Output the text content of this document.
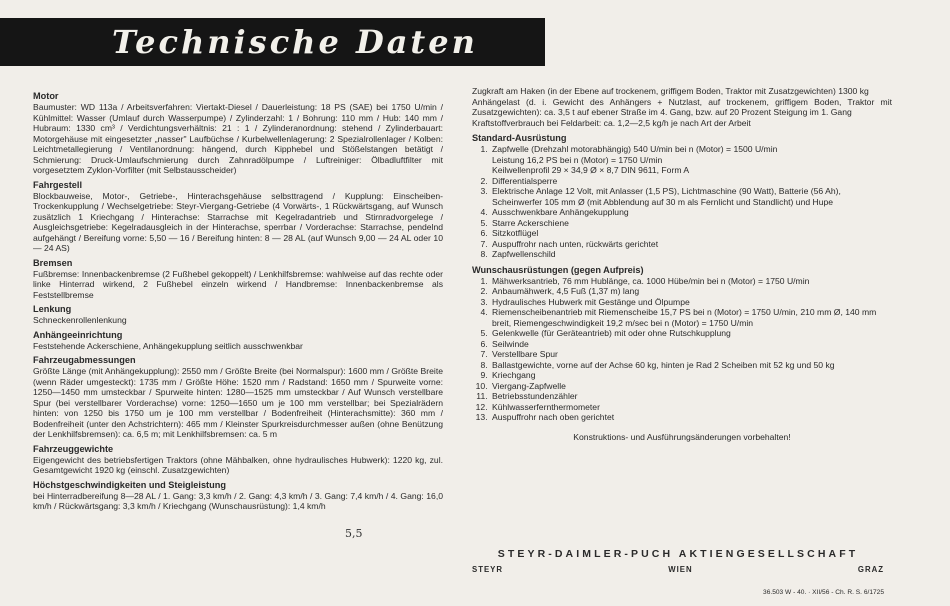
Technische Daten
Motor

Baumuster: WD 113a / Arbeitsverfahren: Viertakt-Diesel / Dauerleistung: 18 PS (SAE) bei 1750 U/min / Kühlmittel: Wasser (Umlauf durch Wasserpumpe) / Zylinderzahl: 1 / Bohrung: 110 mm / Hub: 140 mm / Hubraum: 1330 cm³ / Verdichtungsverhältnis: 21 : 1 / Zylinderanordnung: stehend / Zylinderbauart: Motorgehäuse mit eingesetzter „nasser" Laufbüchse / Kurbelwellenlagerung: 2 Spezialrollenlager / Kolben: Leichtmetallegierung / Ventilanordnung: hängend, durch Kipphebel und Stößelstangen betätigt / Schmierung: Druck-Umlaufschmierung durch Zahnradölpumpe / Luftreiniger: Ölbadluftfilter mit vorgesetztem Zyklon-Vorfilter (mit Selbstausscheider)

Fahrgestell

Blockbauweise, Motor-, Getriebe-, Hinterachsgehäuse selbsttragend / Kupplung: Einscheiben-Trockenkupplung / Wechselgetriebe: Steyr-Viergang-Getriebe (4 Vorwärts-, 1 Rückwärtsgang, auf Wunsch zusätzlich 1 Kriechgang / Hinterachse: Starrachse mit Kegelradantrieb und Stirnradvorgelege / Ausgleichsgetriebe: Kegelradausgleich in der Hinterachse, sperrbar / Vorderachse: Starrachse, pendelnd aufgehängt / Bereifung vorne: 5,50 — 16 / Bereifung hinten: 8 — 28 AL (auf Wunsch 9,00 — 24 AL oder 10 — 24 AS)

Bremsen

Fußbremse: Innenbackenbremse (2 Fußhebel gekoppelt) / Lenkhilfsbremse: wahlweise auf das rechte oder linke Hinterrad wirkend, 2 Fußhebel einzeln wirkend / Handbremse: Innenbackenbremse als Feststellbremse

Lenkung

Schneckenrollenlenkung

Anhängeeinrichtung

Feststehende Ackerschiene, Anhängekupplung seitlich ausschwenkbar

Fahrzeugabmessungen

Größte Länge (mit Anhängekupplung): 2550 mm / Größte Breite (bei Normalspur): 1600 mm / Größte Breite (wenn Räder umgesteckt): 1735 mm / Größte Höhe: 1520 mm / Radstand: 1650 mm / Spurweite vorne: 1250—1450 mm umsteckbar / Spurweite hinten: 1280—1525 mm umsteckbar / Auf Wunsch verstellbare Spur (bei verstellbarer Vorderachse) vorne: 1250—1650 um je 100 mm verstellbar; bei Spezialrädern hinten: von 1250 bis 1750 um je 100 mm verstellbar / Bodenfreiheit (Hinterachsmitte): 360 mm / Bodenfreiheit (unter den Achstrichtern): 465 mm / Kleinster Spurkreisdurchmesser außen (ohne Benützung der Lenkhilfsbremsen): ca. 6,5 m; mit Lenkhilfsbremsen: ca. 5 m

Fahrzeuggewichte

Eigengewicht des betriebsfertigen Traktors (ohne Mähbalken, ohne hydraulisches Hubwerk): 1220 kg, zul. Gesamtgewicht 1920 kg (einschl. Zusatzgewichten)

Höchstgeschwindigkeiten und Steigleistung

bei Hinterradbereifung 8—28 AL / 1. Gang: 3,3 km/h / 2. Gang: 4,3 km/h / 3. Gang: 7,4 km/h / 4. Gang: 16,0 km/h / Rückwärtsgang: 3,3 km/h / Kriechgang (Wunschausrüstung): 1,4 km/h

5,5

Zugkraft am Haken (in der Ebene auf trockenem, griffigem Boden, Traktor mit Zusatzgewichten) 1300 kg
Anhängelast (d. i. Gewicht des Anhängers + Nutzlast, auf trockenem, griffigem Boden, Traktor mit Zusatzgewichten): ca. 3,5 t auf ebener Straße im 4. Gang, bzw. auf 20 Prozent Steigung im 1. Gang
Kraftstoffverbrauch bei Feldarbeit: ca. 1,2—2,5 kg/h je nach Art der Arbeit

Standard-Ausrüstung
1. Zapfwelle (Drehzahl motorabhängig) 540 U/min bei n (Motor) = 1500 U/min
Leistung 16,2 PS bei n (Motor) = 1750 U/min
Keilwellenprofil 29 × 34,9 Ø × 8,7 DIN 9611, Form A
2. Differentialsperre
3. Elektrische Anlage 12 Volt, mit Anlasser (1,5 PS), Lichtmaschine (90 Watt), Batterie (56 Ah), Scheinwerfer 105 mm Ø (mit Abblendung auf 30 m als Fernlicht und Standlicht) und Hupe
4. Ausschwenkbare Anhängekupplung
5. Starre Ackerschiene
6. Sitzkotflügel
7. Auspuffrohr nach unten, rückwärts gerichtet
8. Zapfwellenschild
Wunschausrüstungen (gegen Aufpreis)
1. Mähwerksantrieb, 76 mm Hublänge, ca. 1000 Hübe/min bei n (Motor) = 1750 U/min
2. Anbaumähwerk, 4,5 Fuß (1,37 m) lang
3. Hydraulisches Hubwerk mit Gestänge und Ölpumpe
4. Riemenscheibenantrieb mit Riemenscheibe 15,7 PS bei n (Motor) = 1750 U/min, 210 mm Ø, 140 mm breit, Riemengeschwindigkeit 19,2 m/sec bei n (Motor) = 1750 U/min
5. Gelenkwelle (für Geräteantrieb) mit oder ohne Rutschkupplung
6. Seilwinde
7. Verstellbare Spur
8. Ballastgewichte, vorne auf der Achse 60 kg, hinten je Rad 2 Scheiben mit 52 kg und 50 kg
9. Kriechgang
10. Viergang-Zapfwelle
11. Betriebsstundenzähler
12. Kühlwasserfernthermometer
13. Auspuffrohr nach oben gerichtet

Konstruktions- und Ausführungsänderungen vorbehalten!

STEYR-DAIMLER-PUCH AKTIENGESELLSCHAFT
STEYR	WIEN	GRAZ
36.503 W - 40. · XII/56 - Ch. R. S. 6/1725
